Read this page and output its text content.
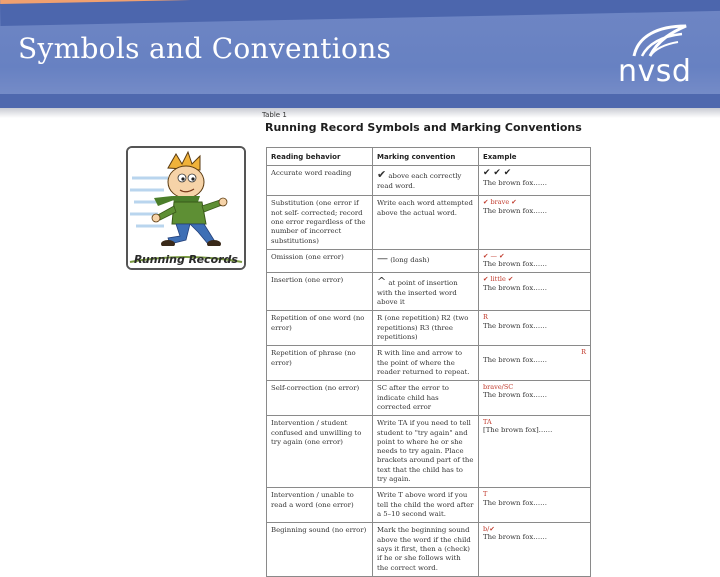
Symbols and Conventions
nvsd
Running Records
Table 1
Running Record Symbols and Marking Conventions
Reading behavior	Marking convention	Example
Accurate word reading	✔ above each correctly read word.	✔ ✔ ✔
The brown fox……
Substitution (one error if not self- corrected; record one error regardless of the number of incorrect substitutions)	Write each word attempted above the actual word.	✔ brave ✔
The brown fox……
Omission (one error)	— (long dash)	✔ — ✔
The brown fox……
Insertion (one error)	^ at point of insertion with the inserted word above it	✔ little ✔
The brown fox……
Repetition of one word (no error)	R (one repetition) R2 (two repetitions) R3 (three repetitions)	R
The brown fox……
Repetition of phrase (no error)	R with line and arrow to the point of where the reader returned to repeat.	R
The brown fox……
Self-correction (no error)	SC after the error to indicate child has corrected error	brave/SC
The brown fox……
Intervention / student confused and unwilling to try again (one error)	Write TA if you need to tell student to "try again" and point to where he or she needs to try again. Place brackets around part of the text that the child has to try again.	TA
[The brown fox]……
Intervention / unable to read a word (one error)	Write T above word if you tell the child the word after a 5–10 second wait.	T
The brown fox……
Beginning sound (no error)	Mark the beginning sound above the word if the child says it first, then a (check) if he or she follows with the correct word.	b/✔
The brown fox……
